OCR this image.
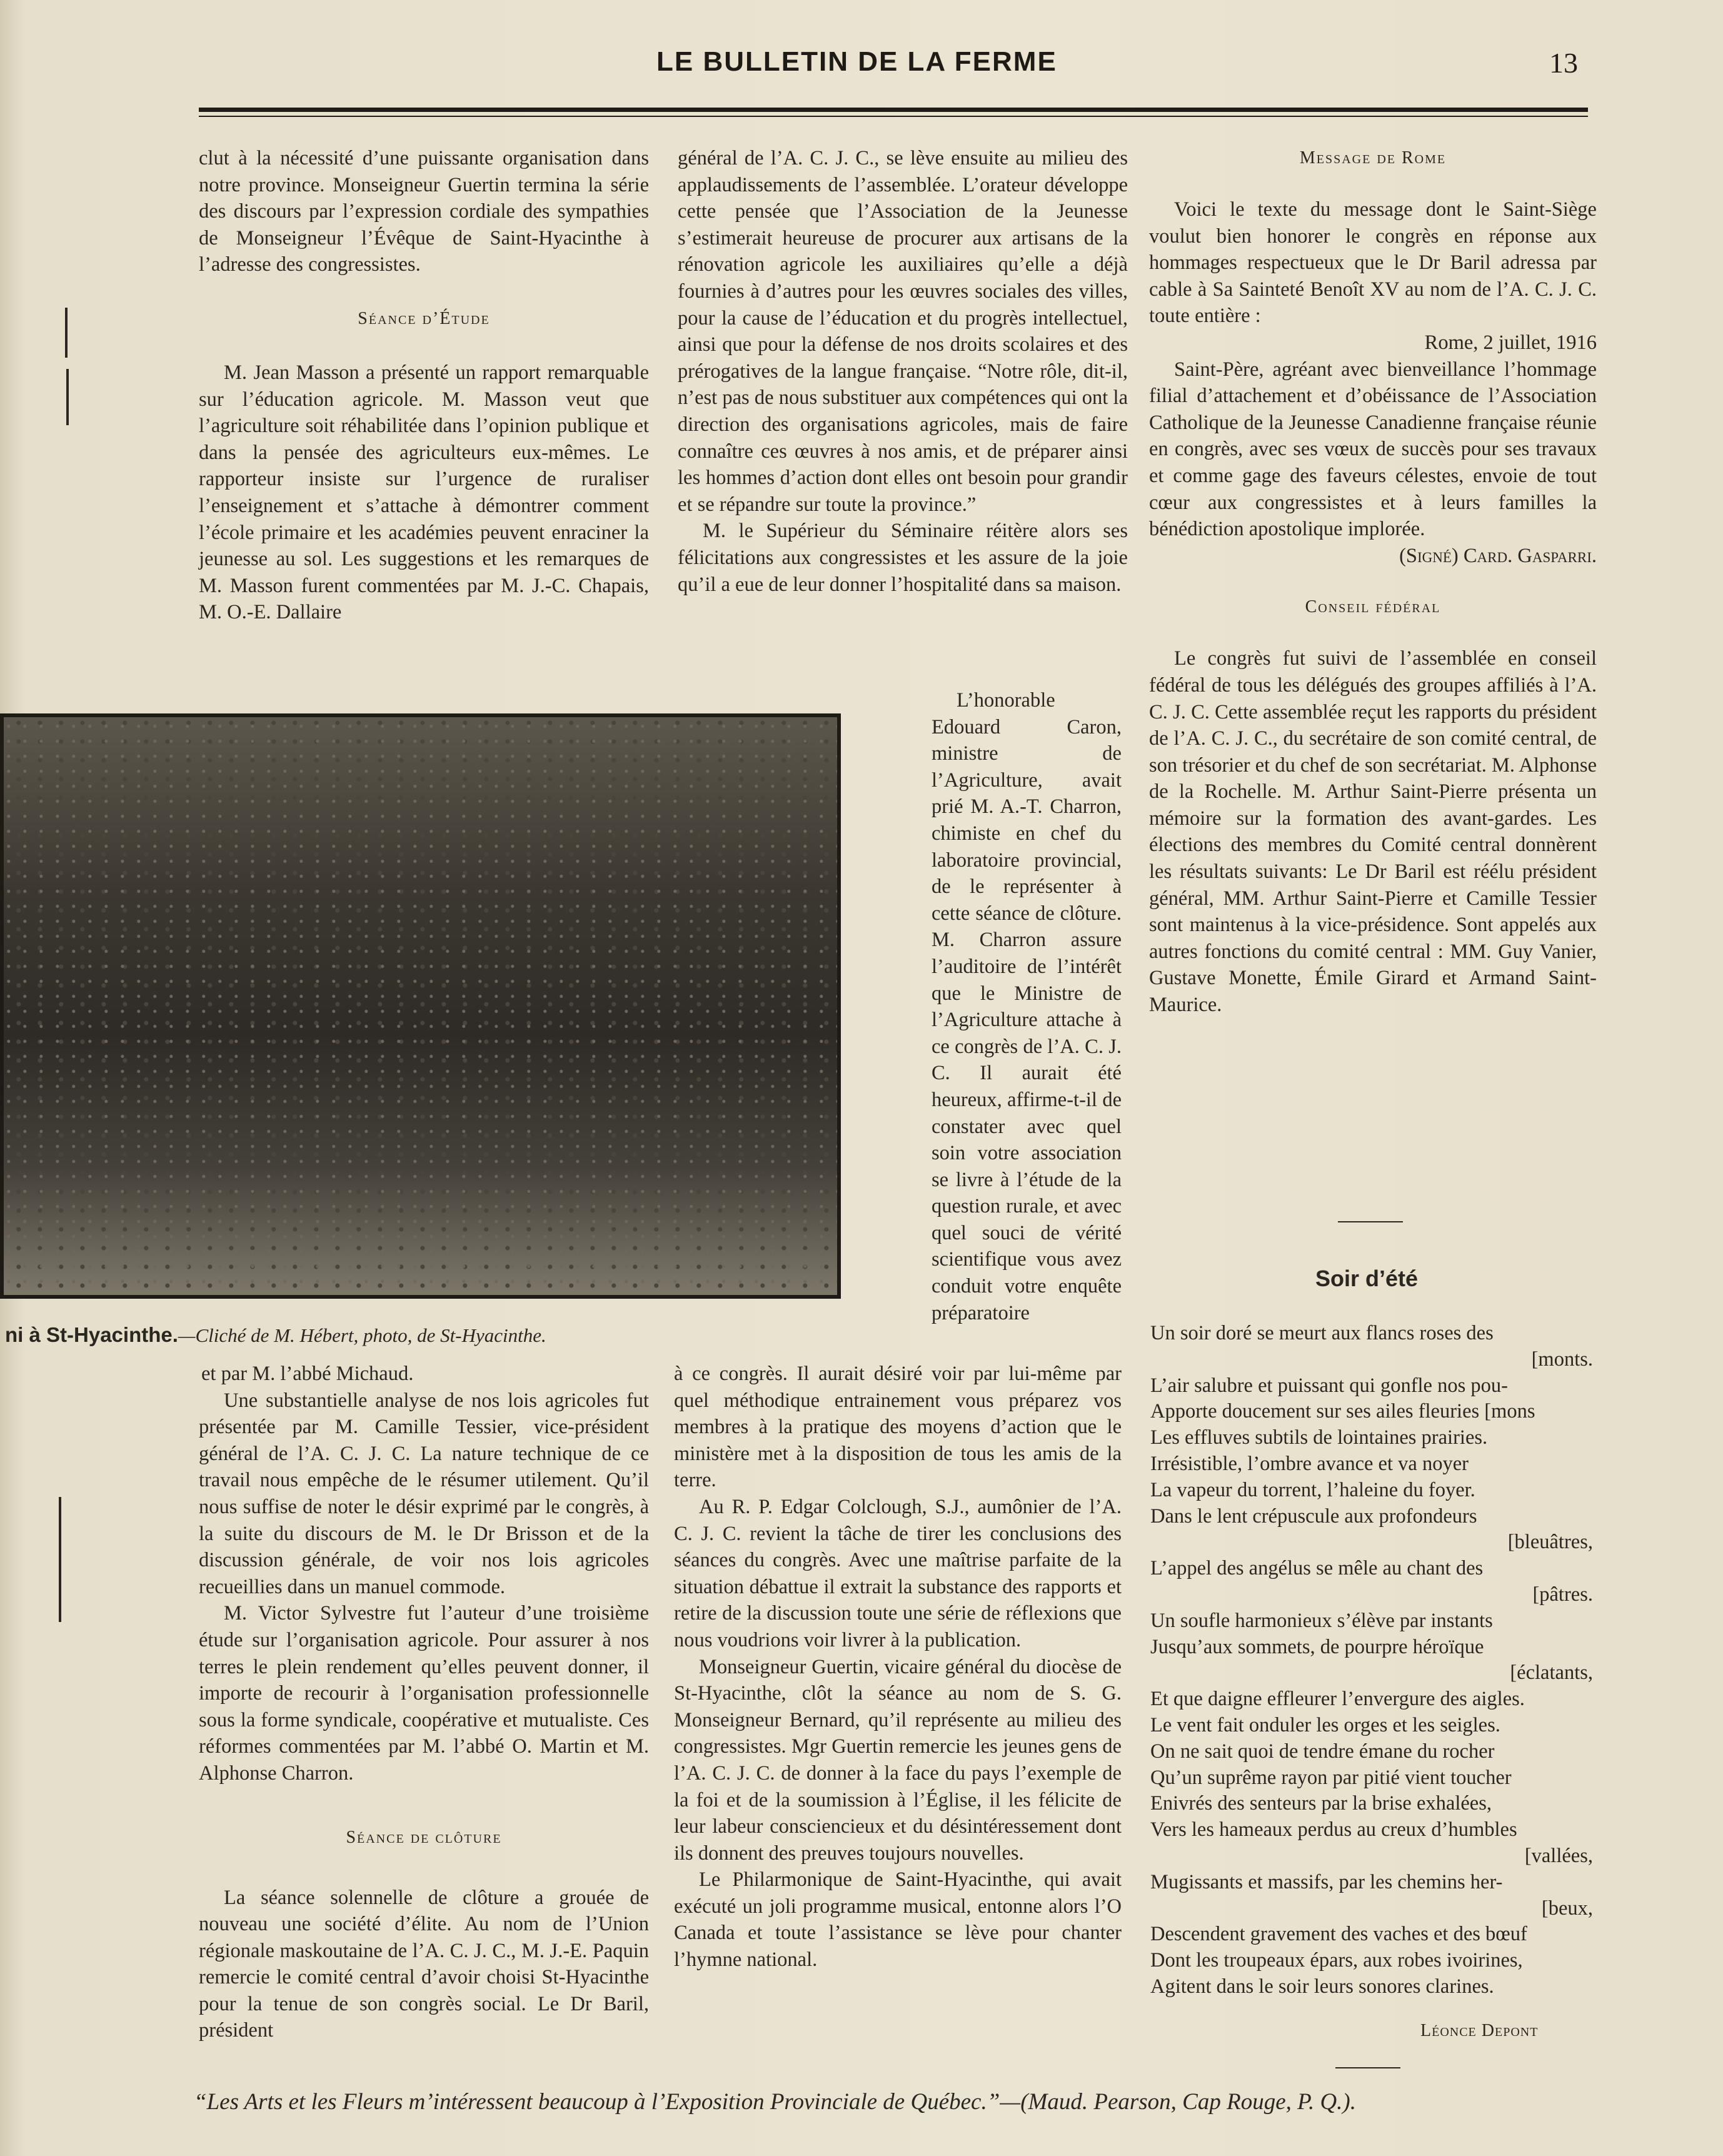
LE BULLETIN DE LA FERME	13

clut à la nécessité d’une puissante organisation dans notre province. Monseigneur Guertin termina la série des discours par l’expression cordiale des sympathies de Monseigneur l’Évêque de Saint-Hyacinthe à l’adresse des congressistes.

Séance d’Étude

M. Jean Masson a présenté un rapport remarquable sur l’éducation agricole. M. Masson veut que l’agriculture soit réhabilitée dans l’opinion publique et dans la pensée des agriculteurs eux-mêmes. Le rapporteur insiste sur l’urgence de ruraliser l’enseignement et s’attache à démontrer comment l’école primaire et les académies peuvent enraciner la jeunesse au sol. Les suggestions et les remarques de M. Masson furent commentées par M. J.-C. Chapais, M. O.-E. Dallaire

ni à St-Hyacinthe.—Cliché de M. Hébert, photo, de St-Hyacinthe.

et par M. l’abbé Michaud.

Une substantielle analyse de nos lois agricoles fut présentée par M. Camille Tessier, vice-président général de l’A. C. J. C. La nature technique de ce travail nous empêche de le résumer utilement. Qu’il nous suffise de noter le désir exprimé par le congrès, à la suite du discours de M. le Dr Brisson et de la discussion générale, de voir nos lois agricoles recueillies dans un manuel commode.

M. Victor Sylvestre fut l’auteur d’une troisième étude sur l’organisation agricole. Pour assurer à nos terres le plein rendement qu’elles peuvent donner, il importe de recourir à l’organisation professionnelle sous la forme syndicale, coopérative et mutualiste. Ces réformes commentées par M. l’abbé O. Martin et M. Alphonse Charron.

Séance de clôture

La séance solennelle de clôture a grouée de nouveau une société d’élite. Au nom de l’Union régionale maskoutaine de l’A. C. J. C., M. J.-E. Paquin remercie le comité central d’avoir choisi St-Hyacinthe pour la tenue de son congrès social. Le Dr Baril, président

général de l’A. C. J. C., se lève ensuite au milieu des applaudissements de l’assemblée. L’orateur développe cette pensée que l’Association de la Jeunesse s’estimerait heureuse de procurer aux artisans de la rénovation agricole les auxiliaires qu’elle a déjà fournies à d’autres pour les œuvres sociales des villes, pour la cause de l’éducation et du progrès intellectuel, ainsi que pour la défense de nos droits scolaires et des prérogatives de la langue française. “Notre rôle, dit-il, n’est pas de nous substituer aux compétences qui ont la direction des organisations agricoles, mais de faire connaître ces œuvres à nos amis, et de préparer ainsi les hommes d’action dont elles ont besoin pour grandir et se répandre sur toute la province.”

M. le Supérieur du Séminaire réitère alors ses félicitations aux congressistes et les assure de la joie qu’il a eue de leur donner l’hospitalité dans sa maison.

L’honorable Edouard Caron, ministre de l’Agriculture, avait prié M. A.-T. Charron, chimiste en chef du laboratoire provincial, de le représenter à cette séance de clôture. M. Charron assure l’auditoire de l’intérêt que le Ministre de l’Agriculture attache à ce congrès de l’A. C. J. C. Il aurait été heureux, affirme-t-il de constater avec quel soin votre association se livre à l’étude de la question rurale, et avec quel souci de vérité scientifique vous avez conduit votre enquête préparatoire

à ce congrès. Il aurait désiré voir par lui-même par quel méthodique entrainement vous préparez vos membres à la pratique des moyens d’action que le ministère met à la disposition de tous les amis de la terre.

Au R. P. Edgar Colclough, S.J., aumônier de l’A. C. J. C. revient la tâche de tirer les conclusions des séances du congrès. Avec une maîtrise parfaite de la situation débattue il extrait la substance des rapports et retire de la discussion toute une série de réflexions que nous voudrions voir livrer à la publication.

Monseigneur Guertin, vicaire général du diocèse de St-Hyacinthe, clôt la séance au nom de S. G. Monseigneur Bernard, qu’il représente au milieu des congressistes. Mgr Guertin remercie les jeunes gens de l’A. C. J. C. de donner à la face du pays l’exemple de la foi et de la soumission à l’Église, il les félicite de leur labeur consciencieux et du désintéressement dont ils donnent des preuves toujours nouvelles.

Le Philarmonique de Saint-Hyacinthe, qui avait exécuté un joli programme musical, entonne alors l’O Canada et toute l’assistance se lève pour chanter l’hymne national.

Message de Rome

Voici le texte du message dont le Saint-Siège voulut bien honorer le congrès en réponse aux hommages respectueux que le Dr Baril adressa par cable à Sa Sainteté Benoît XV au nom de l’A. C. J. C. toute entière :

Rome, 2 juillet, 1916

Saint-Père, agréant avec bienveillance l’hommage filial d’attachement et d’obéissance de l’Association Catholique de la Jeunesse Canadienne française réunie en congrès, avec ses vœux de succès pour ses travaux et comme gage des faveurs célestes, envoie de tout cœur aux congressistes et à leurs familles la bénédiction apostolique implorée.

(Signé) Card. Gasparri.

Conseil fédéral

Le congrès fut suivi de l’assemblée en conseil fédéral de tous les délégués des groupes affiliés à l’A. C. J. C. Cette assemblée reçut les rapports du président de l’A. C. J. C., du secrétaire de son comité central, de son trésorier et du chef de son secrétariat. M. Alphonse de la Rochelle. M. Arthur Saint-Pierre présenta un mémoire sur la formation des avant-gardes. Les élections des membres du Comité central donnèrent les résultats suivants: Le Dr Baril est réélu président général, MM. Arthur Saint-Pierre et Camille Tessier sont maintenus à la vice-présidence. Sont appelés aux autres fonctions du comité central : MM. Guy Vanier, Gustave Monette, Émile Girard et Armand Saint-Maurice.

Soir d’été
Un soir doré se meurt aux flancs roses des
[monts.
L’air salubre et puissant qui gonfle nos pou-
Apporte doucement sur ses ailes fleuries [mons
Les effluves subtils de lointaines prairies.
Irrésistible, l’ombre avance et va noyer
La vapeur du torrent, l’haleine du foyer.
Dans le lent crépuscule aux profondeurs
[bleuâtres,
L’appel des angélus se mêle au chant des
[pâtres.
Un soufle harmonieux s’élève par instants
Jusqu’aux sommets, de pourpre héroïque
[éclatants,
Et que daigne effleurer l’envergure des aigles.
Le vent fait onduler les orges et les seigles.
On ne sait quoi de tendre émane du rocher
Qu’un suprême rayon par pitié vient toucher
Enivrés des senteurs par la brise exhalées,
Vers les hameaux perdus au creux d’humbles
[vallées,
Mugissants et massifs, par les chemins her-
[beux,
Descendent gravement des vaches et des bœuf
Dont les troupeaux épars, aux robes ivoirines,
Agitent dans le soir leurs sonores clarines.
Léonce Depont
“Les Arts et les Fleurs m’intéressent beaucoup à l’Exposition Provinciale de Québec.”—(Maud. Pearson, Cap Rouge, P. Q.).
